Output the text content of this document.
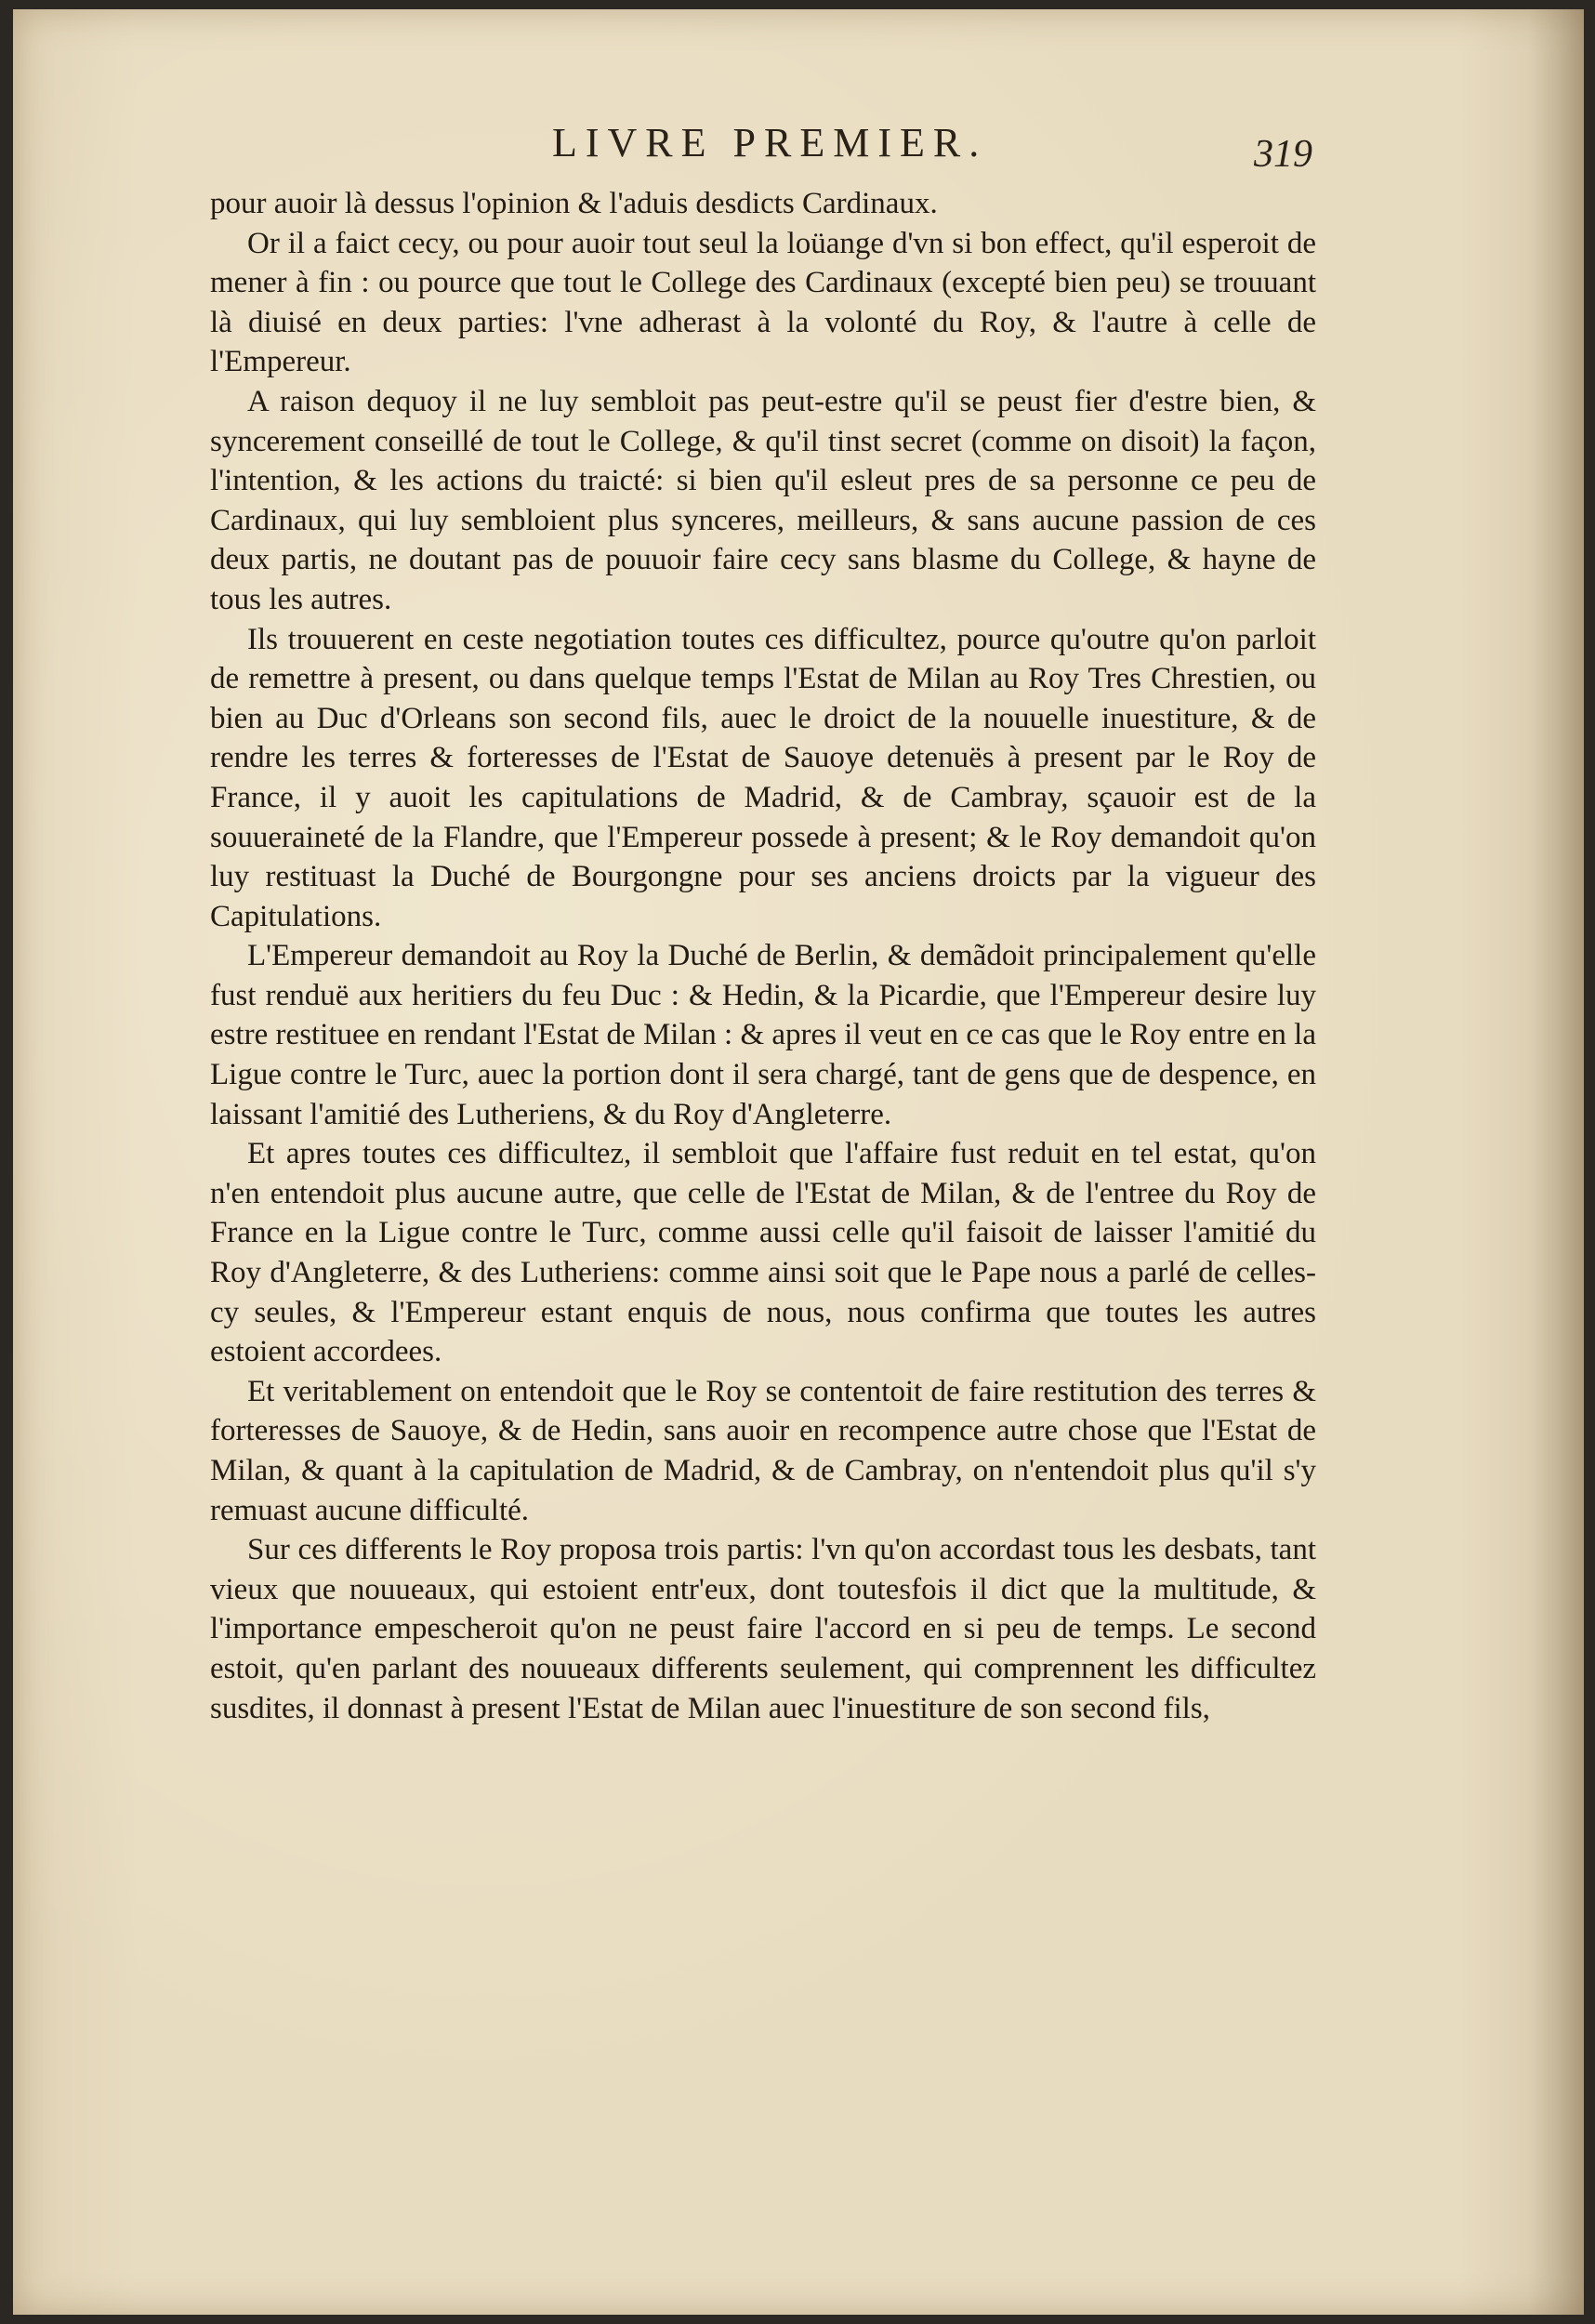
LIVRE PREMIER.	319

pour auoir là dessus l'opinion & l'aduis desdicts Cardinaux.

Or il a faict cecy, ou pour auoir tout seul la loüange d'vn si bon effect, qu'il esperoit de mener à fin : ou pource que tout le College des Cardinaux (excepté bien peu) se trouuant là diuisé en deux parties: l'vne adherast à la volonté du Roy, & l'autre à celle de l'Empereur.

A raison dequoy il ne luy sembloit pas peut-estre qu'il se peust fier d'estre bien, & syncerement conseillé de tout le College, & qu'il tinst secret (comme on disoit) la façon, l'intention, & les actions du traicté: si bien qu'il esleut pres de sa personne ce peu de Cardinaux, qui luy sembloient plus synceres, meilleurs, & sans aucune passion de ces deux partis, ne doutant pas de pouuoir faire cecy sans blasme du College, & hayne de tous les autres.

Ils trouuerent en ceste negotiation toutes ces difficultez, pource qu'outre qu'on parloit de remettre à present, ou dans quelque temps l'Estat de Milan au Roy Tres Chrestien, ou bien au Duc d'Orleans son second fils, auec le droict de la nouuelle inuestiture, & de rendre les terres & forteresses de l'Estat de Sauoye detenuës à present par le Roy de France, il y auoit les capitulations de Madrid, & de Cambray, sçauoir est de la souueraineté de la Flandre, que l'Empereur possede à present; & le Roy demandoit qu'on luy restituast la Duché de Bourgongne pour ses anciens droicts par la vigueur des Capitulations.

L'Empereur demandoit au Roy la Duché de Berlin, & demãdoit principalement qu'elle fust renduë aux heritiers du feu Duc : & Hedin, & la Picardie, que l'Empereur desire luy estre restituee en rendant l'Estat de Milan : & apres il veut en ce cas que le Roy entre en la Ligue contre le Turc, auec la portion dont il sera chargé, tant de gens que de despence, en laissant l'amitié des Lutheriens, & du Roy d'Angleterre.

Et apres toutes ces difficultez, il sembloit que l'affaire fust reduit en tel estat, qu'on n'en entendoit plus aucune autre, que celle de l'Estat de Milan, & de l'entree du Roy de France en la Ligue contre le Turc, comme aussi celle qu'il faisoit de laisser l'amitié du Roy d'Angleterre, & des Lutheriens: comme ainsi soit que le Pape nous a parlé de celles-cy seules, & l'Empereur estant enquis de nous, nous confirma que toutes les autres estoient accordees.

Et veritablement on entendoit que le Roy se contentoit de faire restitution des terres & forteresses de Sauoye, & de Hedin, sans auoir en recompence autre chose que l'Estat de Milan, & quant à la capitulation de Madrid, & de Cambray, on n'entendoit plus qu'il s'y remuast aucune difficulté.

Sur ces differents le Roy proposa trois partis: l'vn qu'on accordast tous les desbats, tant vieux que nouueaux, qui estoient entr'eux, dont toutesfois il dict que la multitude, & l'importance empescheroit qu'on ne peust faire l'accord en si peu de temps. Le second estoit, qu'en parlant des nouueaux differents seulement, qui comprennent les difficultez susdites, il donnast à present l'Estat de Milan auec l'inuestiture de son second fils,
